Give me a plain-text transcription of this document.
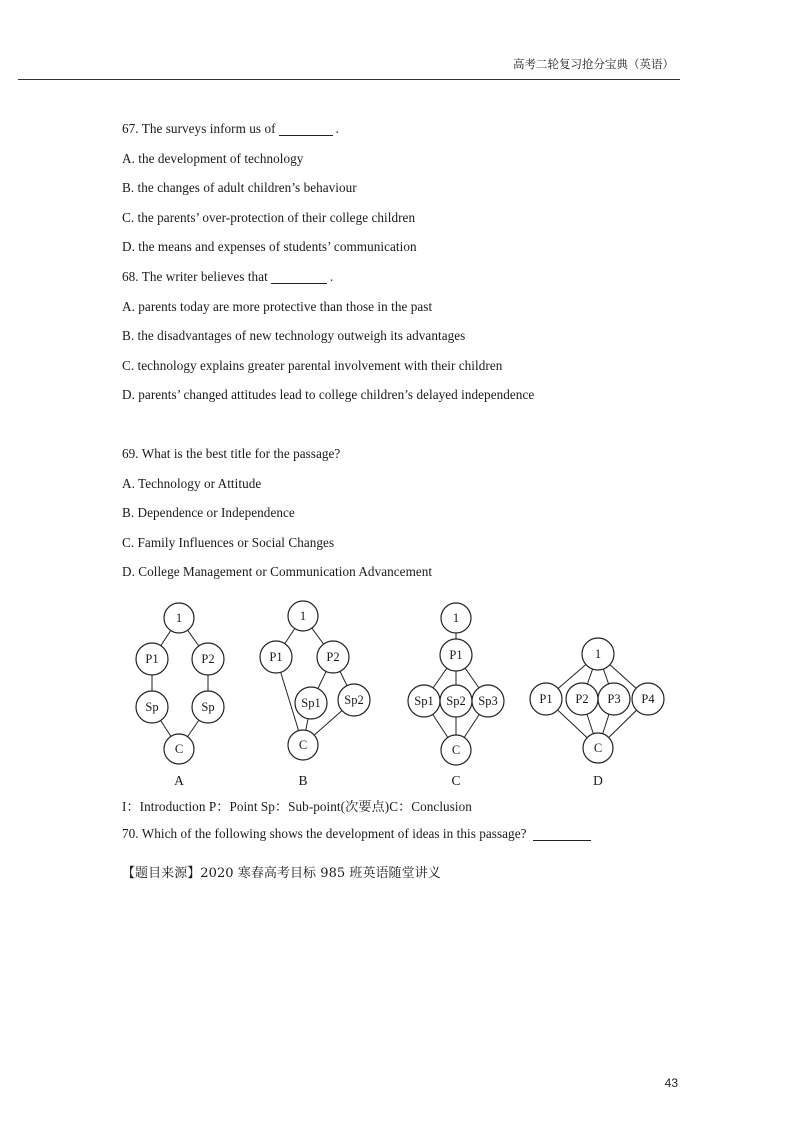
高考二轮复习抢分宝典（英语）
67. The surveys inform us of	.
A. the development of technology
B. the changes of adult children’s behaviour
C. the parents’ over-protection of their college children
D. the means and expenses of students’ communication
68. The writer believes that	.
A. parents today are more protective than those in the past
B. the disadvantages of new technology outweigh its advantages
C. technology explains greater parental involvement with their children
D. parents’ changed attitudes lead to college children’s delayed independence
69. What is the best title for the passage?
A. Technology or Attitude
B. Dependence or Independence
C. Family Influences or Social Changes
D. College Management or Communication Advancement
1
P1	P2
Sp	Sp
C
1
P1	P2
Sp1 Sp2
C
1
P1
Sp1 Sp2 Sp3
C
1
P1 P2 P3 P4
C
A	B	C	D
I：Introduction P：Point Sp：Sub-point(次要点)C：Conclusion
70. Which of the following shows the development of ideas in this passage?
【题目来源】2020 寒春高考目标 985 班英语随堂讲义
43
